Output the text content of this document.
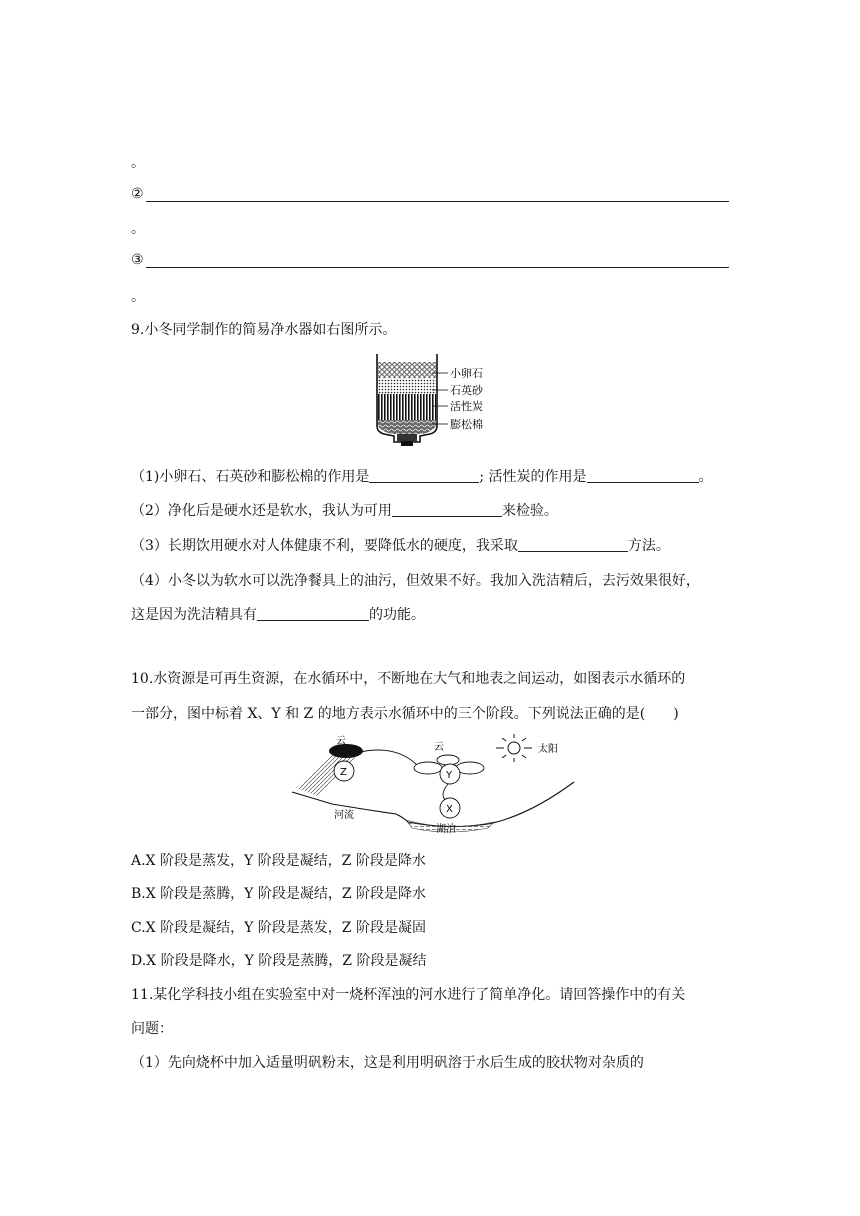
。
②
。
③
。
9.小冬同学制作的简易净水器如右图所示。
小卵石
石英砂
活性炭
膨松棉
（1)小卵石、石英砂和膨松棉的作用是	; 活性炭的作用是	。
（2）净化后是硬水还是软水，我认为可用	来检验。
（3）长期饮用硬水对人体健康不利，要降低水的硬度，我采取	方法。
（4）小冬以为软水可以洗净餐具上的油污，但效果不好。我加入洗洁精后，去污效果很好，
这是因为洗洁精具有	的功能。
10.水资源是可再生资源，在水循环中，不断地在大气和地表之间运动，如图表示水循环的
一部分，图中标着 X、Y 和 Z 的地方表示水循环中的三个阶段。下列说法正确的是( )
云
云	太阳
Z	Y
X
河流
湖泊
A.X 阶段是蒸发，Y 阶段是凝结，Z 阶段是降水
B.X 阶段是蒸腾，Y 阶段是凝结，Z 阶段是降水
C.X 阶段是凝结，Y 阶段是蒸发，Z 阶段是凝固
D.X 阶段是降水，Y 阶段是蒸腾，Z 阶段是凝结
11.某化学科技小组在实验室中对一烧杯浑浊的河水进行了简单净化。请回答操作中的有关
问题：
（1）先向烧杯中加入适量明矾粉末，这是利用明矾溶于水后生成的胶状物对杂质的
